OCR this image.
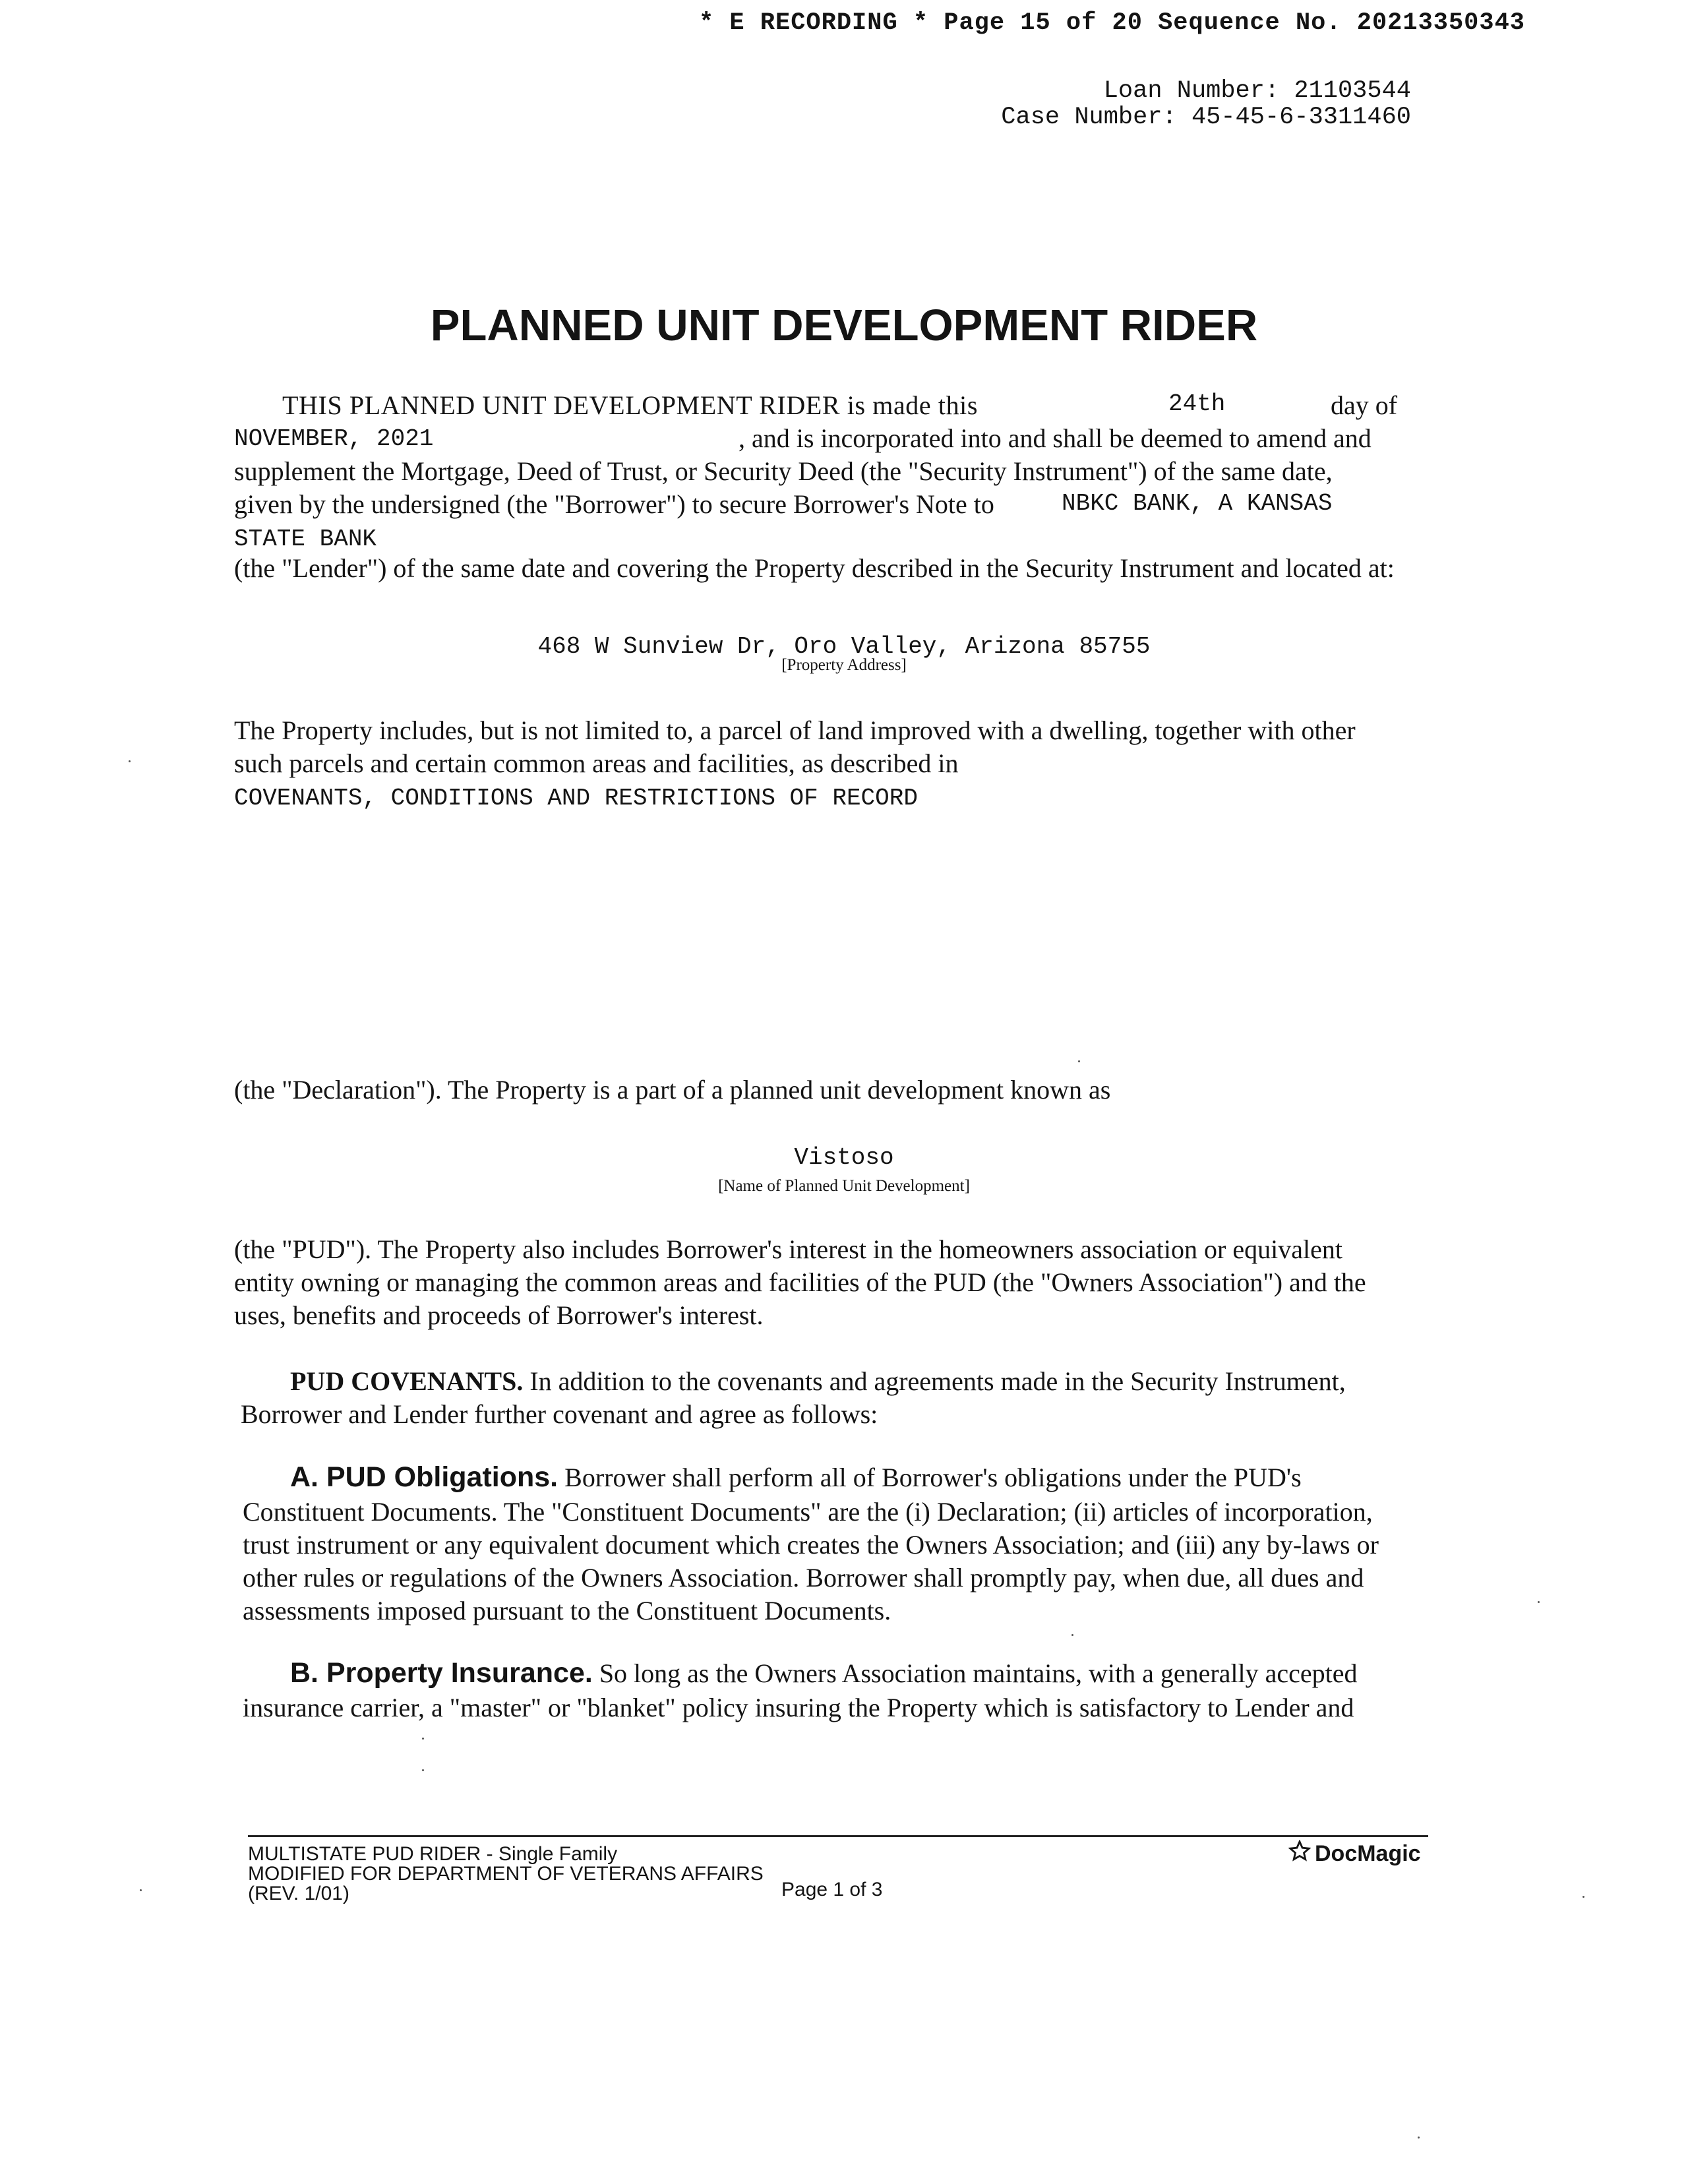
* E RECORDING * Page 15 of 20 Sequence No. 20213350343
Loan Number: 21103544
Case Number: 45-45-6-3311460
PLANNED UNIT DEVELOPMENT RIDER
THIS PLANNED UNIT DEVELOPMENT RIDER is made this	24th	day of
NOVEMBER, 2021	, and is incorporated into and shall be deemed to amend and
supplement the Mortgage, Deed of Trust, or Security Deed (the "Security Instrument") of the same date,
given by the undersigned (the "Borrower") to secure Borrower's Note to	NBKC BANK, A KANSAS
STATE BANK
(the "Lender") of the same date and covering the Property described in the Security Instrument and located at:
468 W Sunview Dr, Oro Valley, Arizona 85755
[Property Address]
The Property includes, but is not limited to, a parcel of land improved with a dwelling, together with other
such parcels and certain common areas and facilities, as described in
COVENANTS, CONDITIONS AND RESTRICTIONS OF RECORD
(the "Declaration"). The Property is a part of a planned unit development known as
Vistoso
[Name of Planned Unit Development]
(the "PUD"). The Property also includes Borrower's interest in the homeowners association or equivalent
entity owning or managing the common areas and facilities of the PUD (the "Owners Association") and the
uses, benefits and proceeds of Borrower's interest.
PUD COVENANTS. In addition to the covenants and agreements made in the Security Instrument,
Borrower and Lender further covenant and agree as follows:
A. PUD Obligations. Borrower shall perform all of Borrower's obligations under the PUD's
Constituent Documents. The "Constituent Documents" are the (i) Declaration; (ii) articles of incorporation,
trust instrument or any equivalent document which creates the Owners Association; and (iii) any by-laws or
other rules or regulations of the Owners Association. Borrower shall promptly pay, when due, all dues and
assessments imposed pursuant to the Constituent Documents.
B. Property Insurance. So long as the Owners Association maintains, with a generally accepted
insurance carrier, a "master" or "blanket" policy insuring the Property which is satisfactory to Lender and
MULTISTATE PUD RIDER - Single Family
MODIFIED FOR DEPARTMENT OF VETERANS AFFAIRS
(REV. 1/01)	Page 1 of 3
DocMagic
